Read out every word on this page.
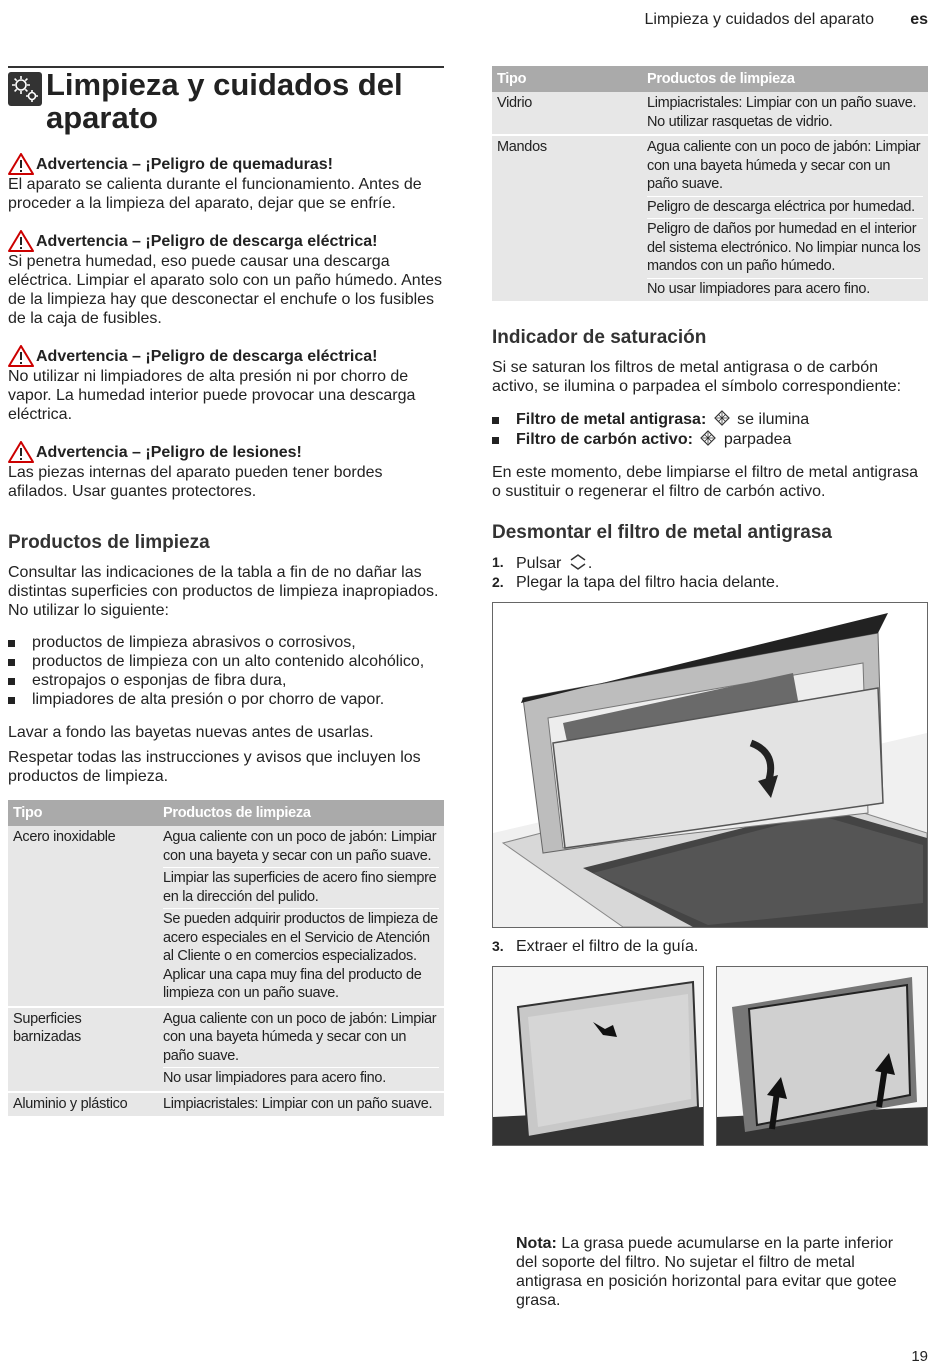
Limpieza y cuidados del aparato es
Limpieza y cuidados del aparato
Advertencia – ¡Peligro de quemaduras!

El aparato se calienta durante el funcionamiento. Antes de proceder a la limpieza del aparato, dejar que se enfríe.

Advertencia – ¡Peligro de descarga eléctrica!

Si penetra humedad, eso puede causar una descarga eléctrica. Limpiar el aparato solo con un paño húmedo. Antes de la limpieza hay que desconectar el enchufe o los fusibles de la caja de fusibles.

Advertencia – ¡Peligro de descarga eléctrica!

No utilizar ni limpiadores de alta presión ni por chorro de vapor. La humedad interior puede provocar una descarga eléctrica.

Advertencia – ¡Peligro de lesiones!

Las piezas internas del aparato pueden tener bordes afilados. Usar guantes protectores.

Productos de limpieza

Consultar las indicaciones de la tabla a fin de no dañar las distintas superficies con productos de limpieza inapropiados. No utilizar lo siguiente:

productos de limpieza abrasivos o corrosivos,
productos de limpieza con un alto contenido alcohólico,
estropajos o esponjas de fibra dura,
limpiadores de alta presión o por chorro de vapor.

Lavar a fondo las bayetas nuevas antes de usarlas.

Respetar todas las instrucciones y avisos que incluyen los productos de limpieza.

Tipo	Productos de limpieza
Acero inoxidable	Agua caliente con un poco de jabón: Limpiar con una bayeta y secar con un paño suave.
Limpiar las superficies de acero fino siempre en la dirección del pulido.
Se pueden adquirir productos de limpieza de acero especiales en el Servicio de Atención al Cliente o en comercios especializados. Aplicar una capa muy fina del producto de limpieza con un paño suave.

Superficies barnizadas	Agua caliente con un poco de jabón: Limpiar con una bayeta húmeda y secar con un paño suave.
No usar limpiadores para acero fino.

Aluminio y plástico	Limpiacristales: Limpiar con un paño suave.
Tipo	Productos de limpieza
Vidrio	Limpiacristales: Limpiar con un paño suave. No utilizar rasquetas de vidrio.

Mandos	Agua caliente con un poco de jabón: Limpiar con una bayeta húmeda y secar con un paño suave.
Peligro de descarga eléctrica por humedad.
Peligro de daños por humedad en el interior del sistema electrónico. No limpiar nunca los mandos con un paño húmedo.
No usar limpiadores para acero fino.
Indicador de saturación

Si se saturan los filtros de metal antigrasa o de carbón activo, se ilumina o parpadea el símbolo correspondiente:

Filtro de metal antigrasa: se ilumina
Filtro de carbón activo: parpadea

En este momento, debe limpiarse el filtro de metal antigrasa o sustituir o regenerar el filtro de carbón activo.

Desmontar el filtro de metal antigrasa
1. Pulsar .
2. Plegar la tapa del filtro hacia delante.
3. Extraer el filtro de la guía.
Nota: La grasa puede acumularse en la parte inferior del soporte del filtro. No sujetar el filtro de metal antigrasa en posición horizontal para evitar que gotee grasa.
19
